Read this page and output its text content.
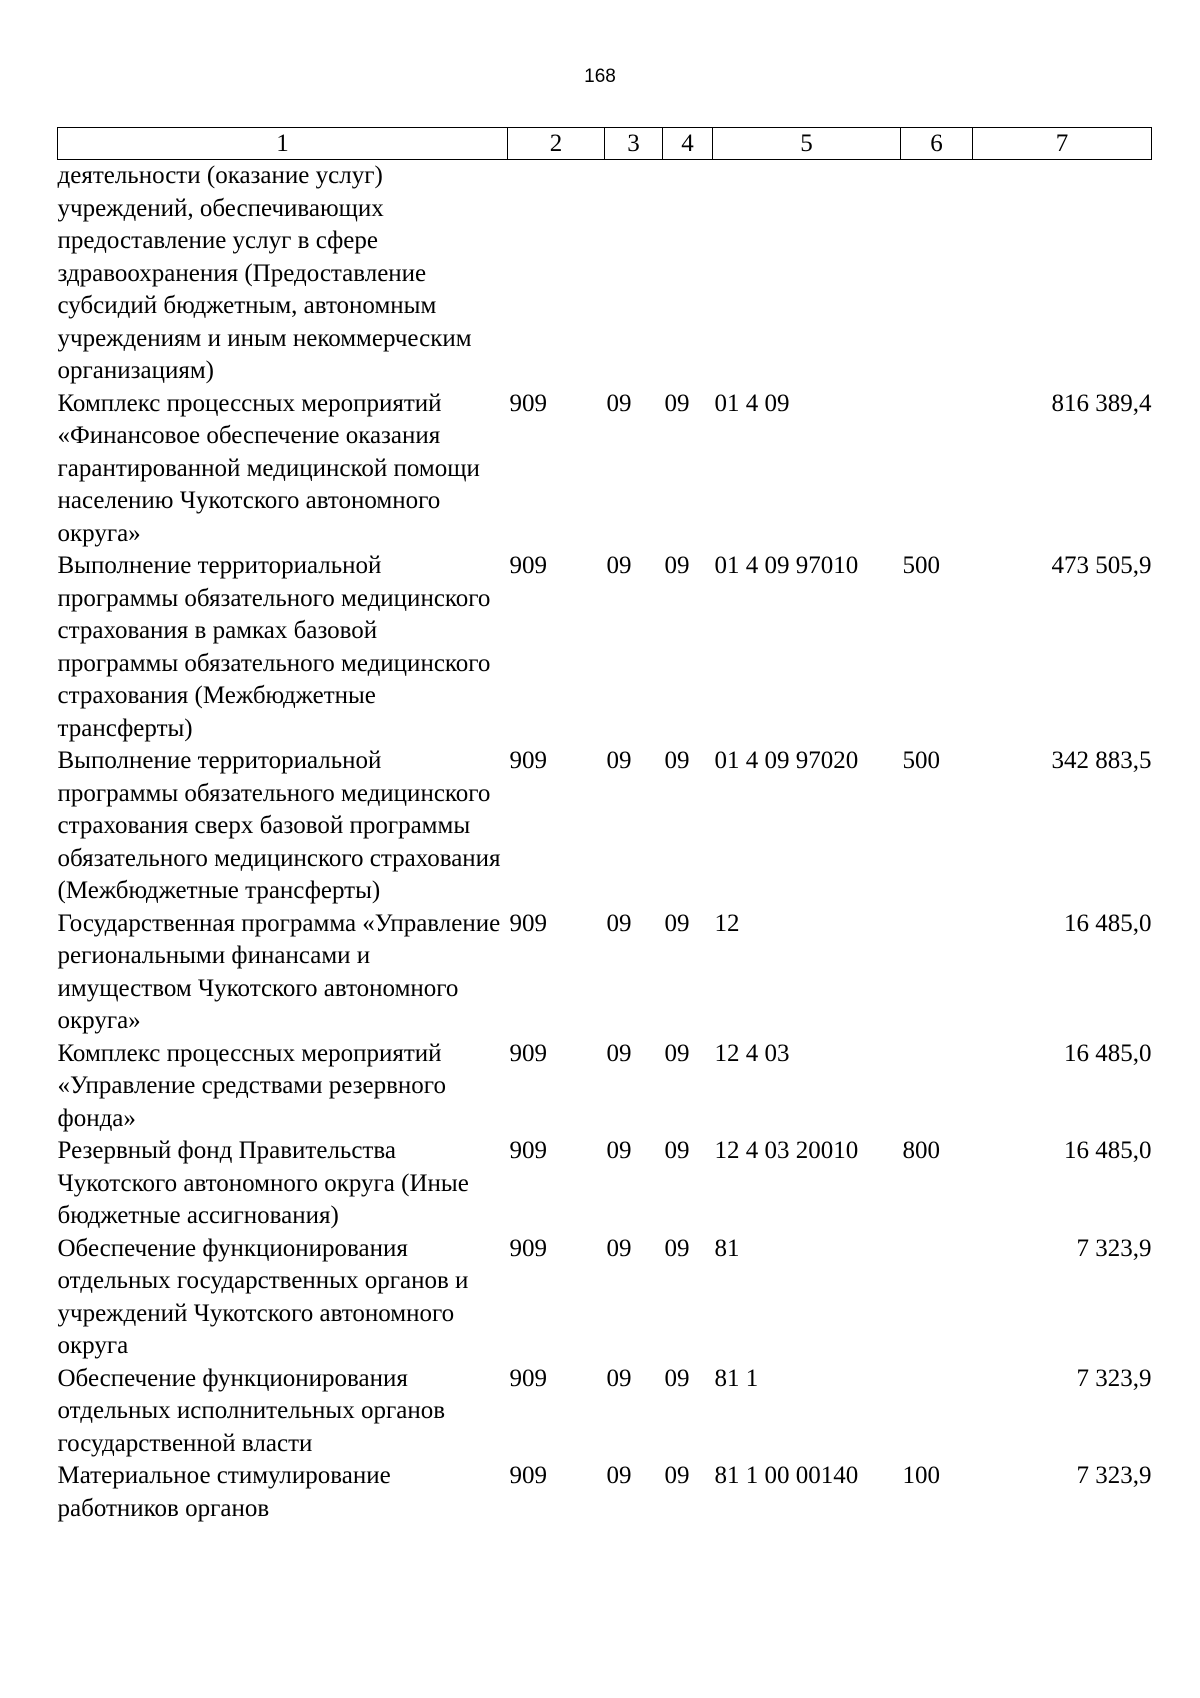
168
1	2	3	4	5	6	7
деятельности (оказание услуг) учреждений, обеспечивающих предоставление услуг в сфере здравоохранения (Предоставление субсидий бюджетным, автономным учреждениям и иным некоммерческим организациям)						
Комплекс процессных мероприятий «Финансовое обеспечение оказания гарантированной медицинской помощи населению Чукотского автономного округа»	909	09	09	01 4 09		816 389,4
Выполнение территориальной программы обязательного медицинского страхования в рамках базовой программы обязательного медицинского страхования (Межбюджетные трансферты)	909	09	09	01 4 09 97010	500	473 505,9
Выполнение территориальной программы обязательного медицинского страхования сверх базовой программы обязательного медицинского страхования (Межбюджетные трансферты)	909	09	09	01 4 09 97020	500	342 883,5
Государственная программа «Управление региональными финансами и имуществом Чукотского автономного округа»	909	09	09	12		16 485,0
Комплекс процессных мероприятий «Управление средствами резервного фонда»	909	09	09	12 4 03		16 485,0
Резервный фонд Правительства Чукотского автономного округа (Иные бюджетные ассигнования)	909	09	09	12 4 03 20010	800	16 485,0
Обеспечение функционирования отдельных государственных органов и учреждений Чукотского автономного округа	909	09	09	81		7 323,9
Обеспечение функционирования отдельных исполнительных органов государственной власти	909	09	09	81 1		7 323,9
Материальное стимулирование работников органов	909	09	09	81 1 00 00140	100	7 323,9
